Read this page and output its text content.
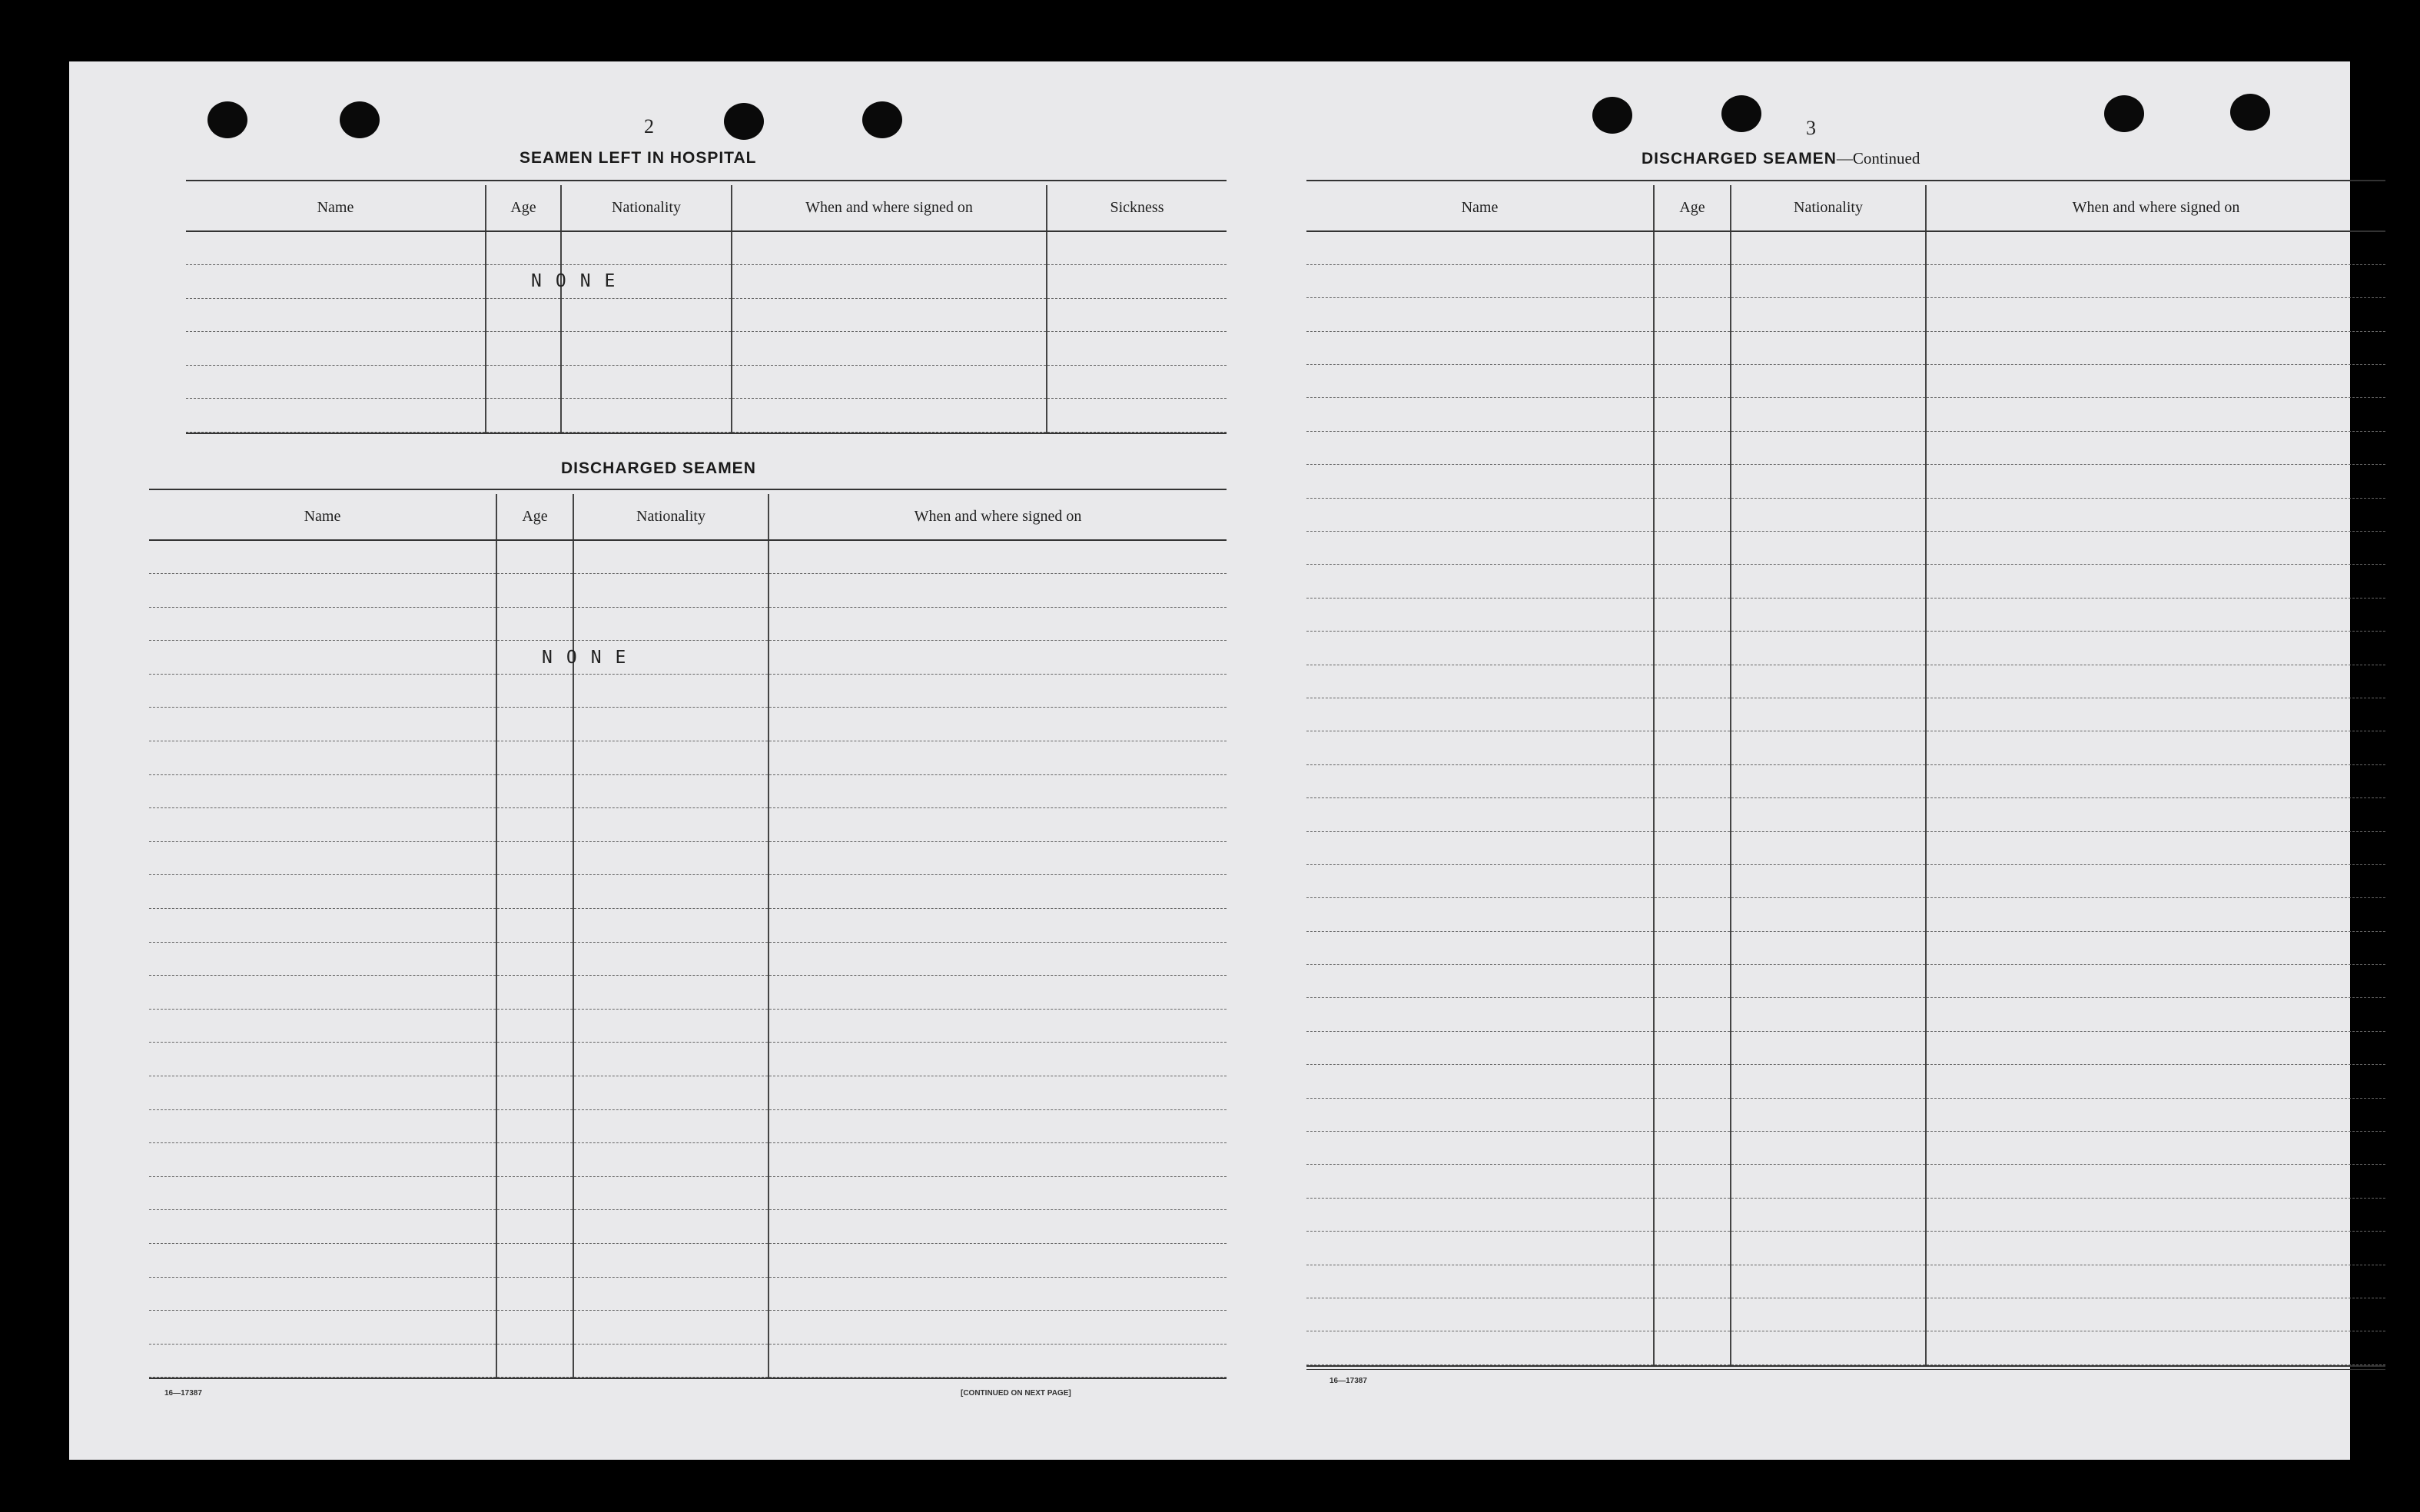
2
SEAMEN LEFT IN HOSPITAL
Name	Age	Nationality	When and where signed on	Sickness

	NONE			

DISCHARGED SEAMEN
Name	Age	Nationality	When and where signed on

	NONE		

16—17387	[CONTINUED ON NEXT PAGE]
3
DISCHARGED SEAMEN—Continued
Name	Age	Nationality	When and where signed on

16—17387
